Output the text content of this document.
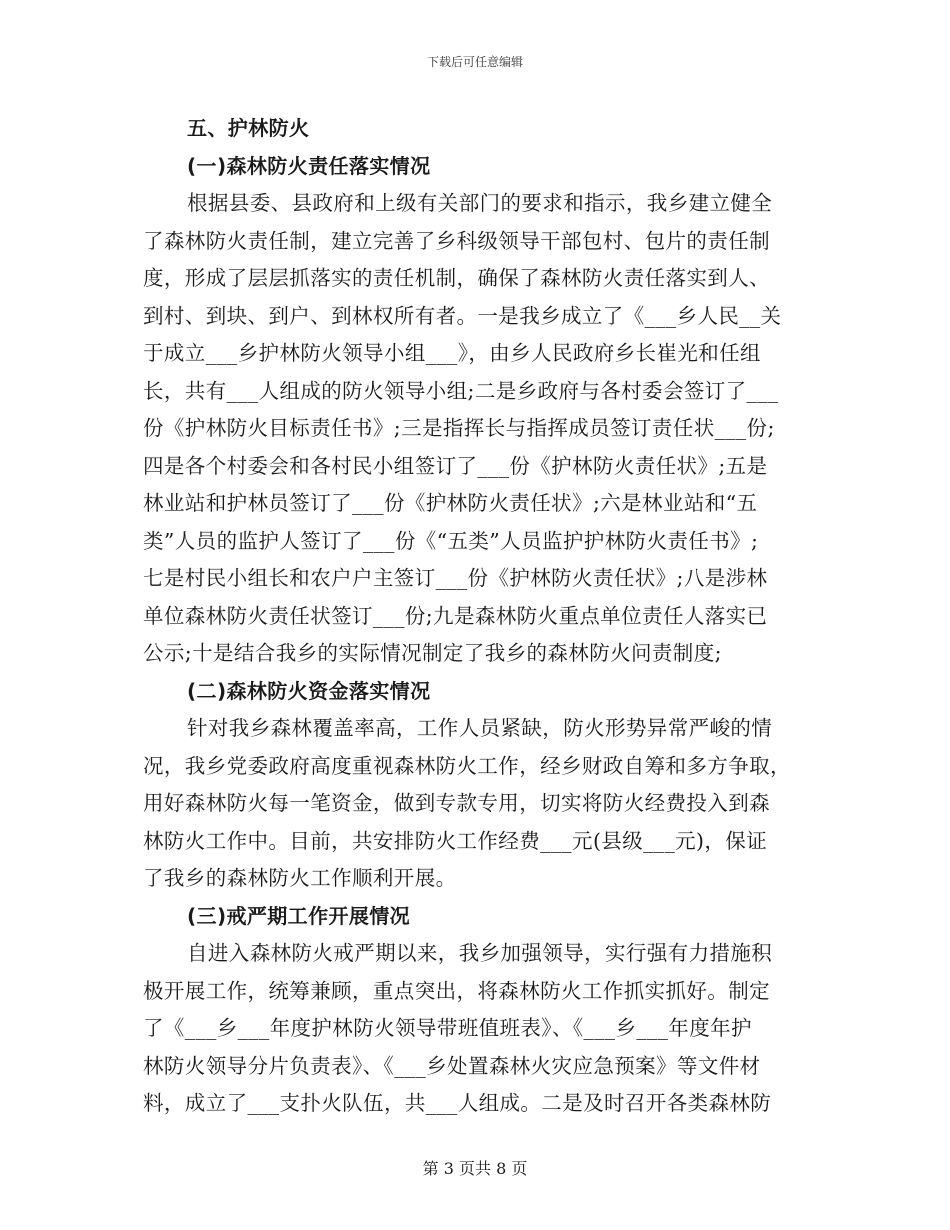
下载后可任意编辑
五、护林防火
(一)森林防火责任落实情况
根据县委、县政府和上级有关部门的要求和指示，我乡建立健全
了森林防火责任制，建立完善了乡科级领导干部包村、包片的责任制
度，形成了层层抓落实的责任机制，确保了森林防火责任落实到人、
到村、到块、到户、到林权所有者。一是我乡成立了《___乡人民__关
于成立___乡护林防火领导小组___》，由乡人民政府乡长崔光和任组
长，共有___人组成的防火领导小组;二是乡政府与各村委会签订了___
份《护林防火目标责任书》;三是指挥长与指挥成员签订责任状___份;
四是各个村委会和各村民小组签订了___份《护林防火责任状》;五是
林业站和护林员签订了___份《护林防火责任状》;六是林业站和“五
类”人员的监护人签订了___份《“五类”人员监护护林防火责任书》;
七是村民小组长和农户户主签订___份《护林防火责任状》;八是涉林
单位森林防火责任状签订___份;九是森林防火重点单位责任人落实已
公示;十是结合我乡的实际情况制定了我乡的森林防火问责制度;
(二)森林防火资金落实情况
针对我乡森林覆盖率高，工作人员紧缺，防火形势异常严峻的情
况，我乡党委政府高度重视森林防火工作，经乡财政自筹和多方争取，
用好森林防火每一笔资金，做到专款专用，切实将防火经费投入到森
林防火工作中。目前，共安排防火工作经费___元(县级___元)，保证
了我乡的森林防火工作顺利开展。
(三)戒严期工作开展情况
自进入森林防火戒严期以来，我乡加强领导，实行强有力措施积
极开展工作，统筹兼顾，重点突出，将森林防火工作抓实抓好。制定
了《___乡___年度护林防火领导带班值班表》、《___乡___年度年护
林防火领导分片负责表》、《___乡处置森林火灾应急预案》等文件材
料，成立了___支扑火队伍，共___人组成。二是及时召开各类森林防
第 3 页共 8 页
